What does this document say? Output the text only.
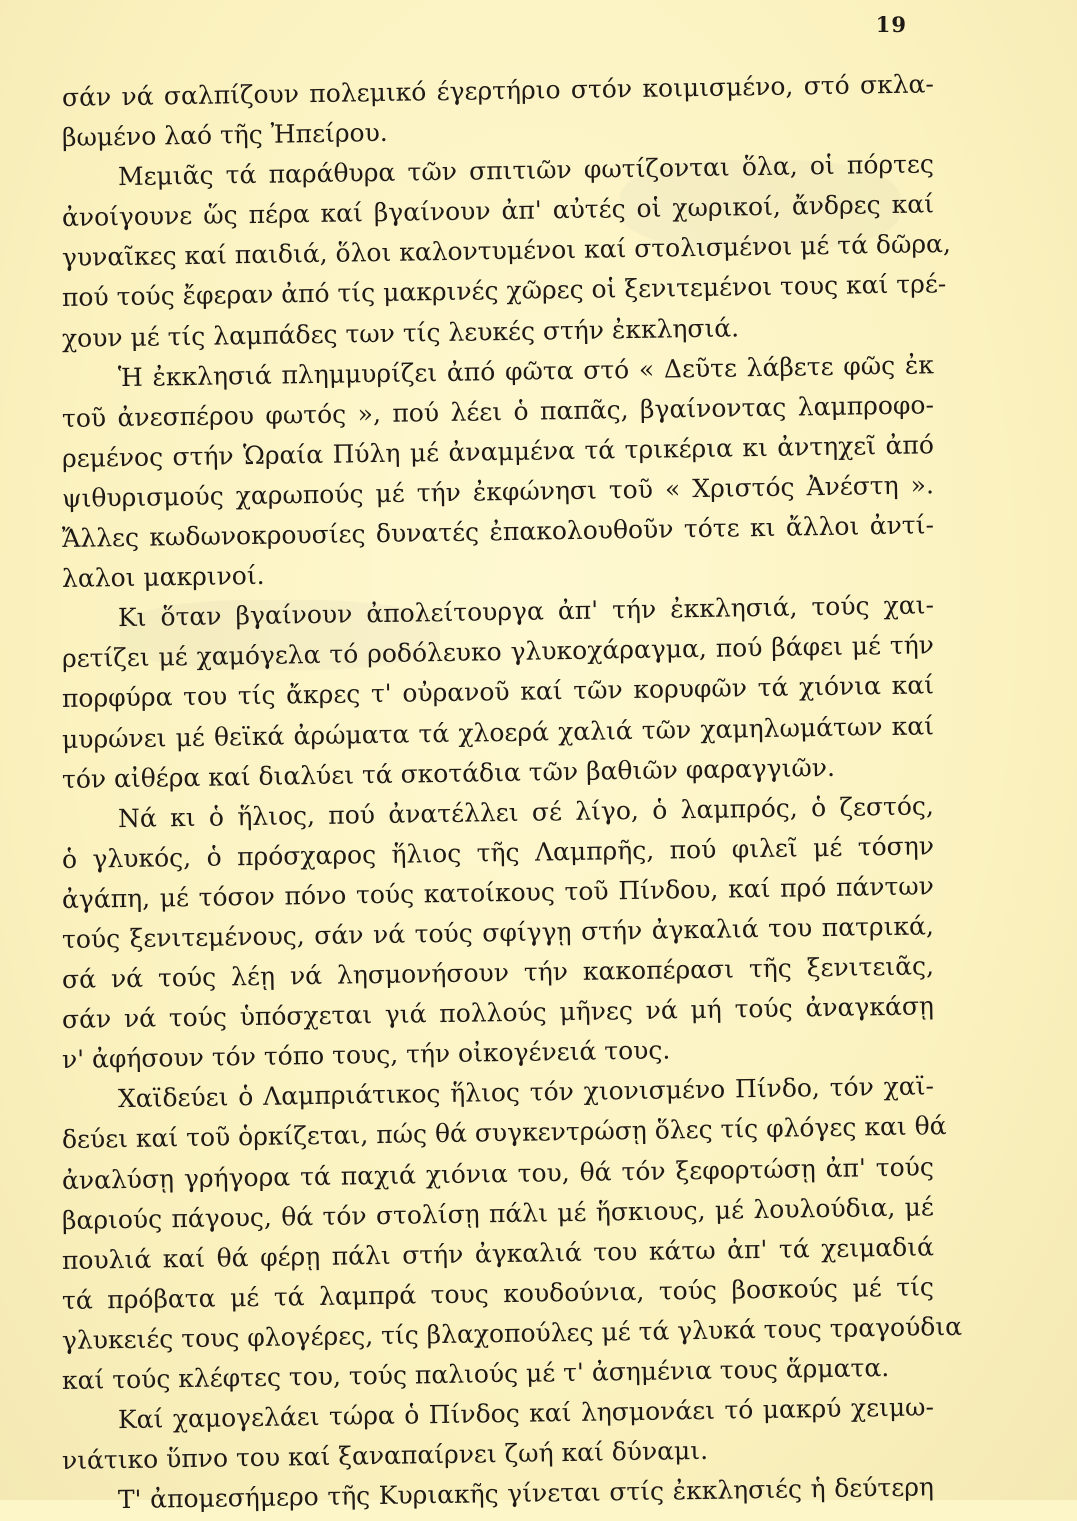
19
σάν νά σαλπίζουν πολεμικό έγερτήριο στόν κοιμισμένο, στό σκλα-
βωμένο λαό τῆς Ἠπείρου.
Μεμιᾶς τά παράθυρα τῶν σπιτιῶν φωτίζονται ὅλα, οἱ πόρτες
ἀνοίγουνε ὥς πέρα καί βγαίνουν ἀπ' αὐτές οἱ χωρικοί, ἄνδρες καί
γυναῖκες καί παιδιά, ὅλοι καλοντυμένοι καί στολισμένοι μέ τά δῶρα,
πού τούς ἔφεραν ἀπό τίς μακρινές χῶρες οἱ ξενιτεμένοι τους καί τρέ-
χουν μέ τίς λαμπάδες των τίς λευκές στήν ἐκκλησιά.
Ἡ ἐκκλησιά πλημμυρίζει ἀπό φῶτα στό « Δεῦτε λάβετε φῶς ἐκ
τοῦ ἀνεσπέρου φωτός », πού λέει ὁ παπᾶς, βγαίνοντας λαμπροφο-
ρεμένος στήν Ὡραία Πύλη μέ ἀναμμένα τά τρικέρια κι ἀντηχεῖ ἀπό
ψιθυρισμούς χαρωπούς μέ τήν ἐκφώνησι τοῦ « Χριστός Ἀνέστη ».
Ἄλλες κωδωνοκρουσίες δυνατές ἐπακολουθοῦν τότε κι ἄλλοι ἀντί-
λαλοι μακρινοί.
Κι ὅταν βγαίνουν ἀπολείτουργα ἀπ' τήν ἐκκλησιά, τούς χαι-
ρετίζει μέ χαμόγελα τό ροδόλευκο γλυκοχάραγμα, πού βάφει μέ τήν
πορφύρα του τίς ἄκρες τ' οὐρανοῦ καί τῶν κορυφῶν τά χιόνια καί
μυρώνει μέ θεϊκά ἀρώματα τά χλοερά χαλιά τῶν χαμηλωμάτων καί
τόν αἰθέρα καί διαλύει τά σκοτάδια τῶν βαθιῶν φαραγγιῶν.
Νά κι ὁ ἥλιος, πού ἀνατέλλει σέ λίγο, ὁ λαμπρός, ὁ ζεστός,
ὁ γλυκός, ὁ πρόσχαρος ἥλιος τῆς Λαμπρῆς, πού φιλεῖ μέ τόσην
ἀγάπη, μέ τόσον πόνο τούς κατοίκους τοῦ Πίνδου, καί πρό πάντων
τούς ξενιτεμένους, σάν νά τούς σφίγγῃ στήν ἀγκαλιά του πατρικά,
σά νά τούς λέῃ νά λησμονήσουν τήν κακοπέρασι τῆς ξενιτειᾶς,
σάν νά τούς ὑπόσχεται γιά πολλούς μῆνες νά μή τούς ἀναγκάσῃ
ν' ἀφήσουν τόν τόπο τους, τήν οἰκογένειά τους.
Χαϊδεύει ὁ Λαμπριάτικος ἥλιος τόν χιονισμένο Πίνδο, τόν χαϊ-
δεύει καί τοῦ ὁρκίζεται, πώς θά συγκεντρώσῃ ὅλες τίς φλόγες και θά
ἀναλύσῃ γρήγορα τά παχιά χιόνια του, θά τόν ξεφορτώσῃ ἀπ' τούς
βαριούς πάγους, θά τόν στολίσῃ πάλι μέ ἥσκιους, μέ λουλούδια, μέ
πουλιά καί θά φέρῃ πάλι στήν ἀγκαλιά του κάτω ἀπ' τά χειμαδιά
τά πρόβατα μέ τά λαμπρά τους κουδούνια, τούς βοσκούς μέ τίς
γλυκειές τους φλογέρες, τίς βλαχοπούλες μέ τά γλυκά τους τραγούδια
καί τούς κλέφτες του, τούς παλιούς μέ τ' ἀσημένια τους ἅρματα.
Καί χαμογελάει τώρα ὁ Πίνδος καί λησμονάει τό μακρύ χειμω-
νιάτικο ὕπνο του καί ξαναπαίρνει ζωή καί δύναμι.
Τ' ἀπομεσήμερο τῆς Κυριακῆς γίνεται στίς ἐκκλησιές ἡ δεύτερη
